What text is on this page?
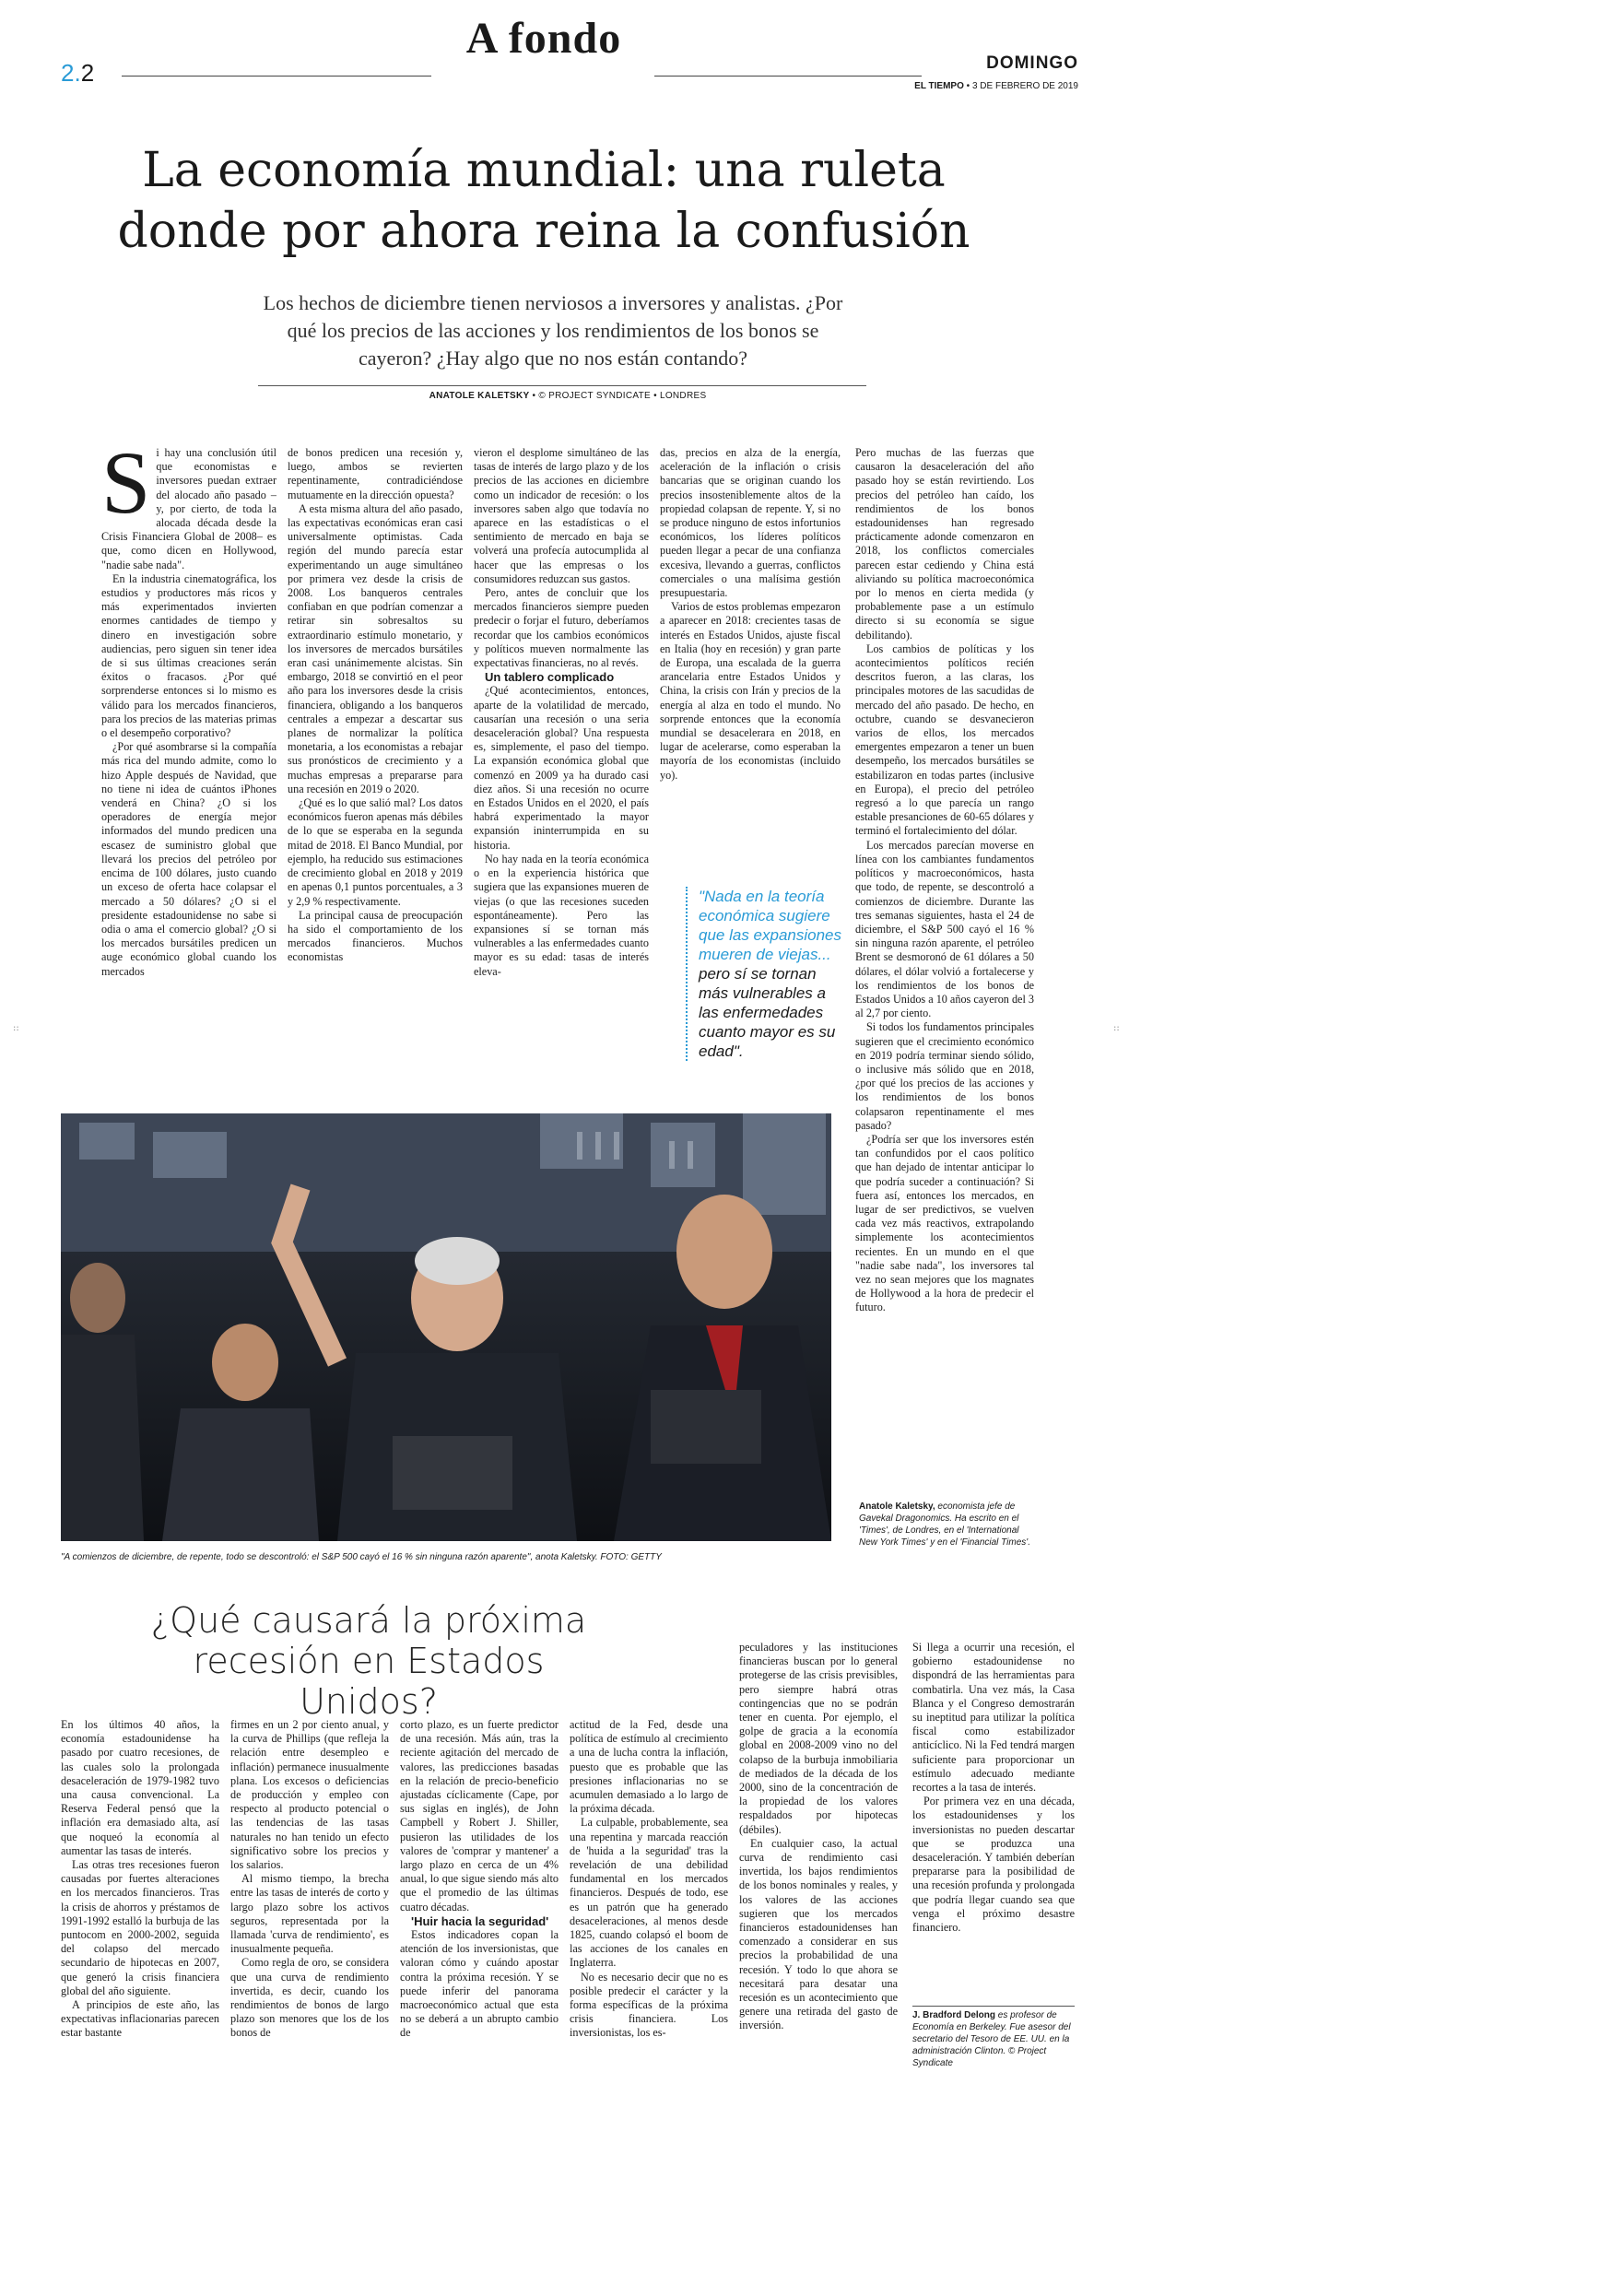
A fondo
2.2	DOMINGO
EL TIEMPO • 3 DE FEBRERO DE 2019
La economía mundial: una ruleta donde por ahora reina la confusión
Los hechos de diciembre tienen nerviosos a inversores y analistas. ¿Por qué los precios de las acciones y los rendimientos de los bonos se cayeron? ¿Hay algo que no nos están contando?
ANATOLE KALETSKY • © PROJECT SYNDICATE • LONDRES
S i hay una conclusión útil que economistas e inversores puedan extraer del alocado año pasado –y, por cierto, de toda la alocada década desde la Crisis Financiera Global de 2008– es que, como dicen en Hollywood, "nadie sabe nada".

En la industria cinematográfica, los estudios y productores más ricos y más experimentados invierten enormes cantidades de tiempo y dinero en investigación sobre audiencias, pero siguen sin tener idea de si sus últimas creaciones serán éxitos o fracasos. ¿Por qué sorprenderse entonces si lo mismo es válido para los mercados financieros, para los precios de las materias primas o el desempeño corporativo?

¿Por qué asombrarse si la compañía más rica del mundo admite, como lo hizo Apple después de Navidad, que no tiene ni idea de cuántos iPhones venderá en China? ¿O si los operadores de energía mejor informados del mundo predicen una escasez de suministro global que llevará los precios del petróleo por encima de 100 dólares, justo cuando un exceso de oferta hace colapsar el mercado a 50 dólares? ¿O si el presidente estadounidense no sabe si odia o ama el comercio global? ¿O si los mercados bursátiles predicen un auge económico global cuando los mercados

de bonos predicen una recesión y, luego, ambos se revierten repentinamente, contradiciéndose mutuamente en la dirección opuesta?

A esta misma altura del año pasado, las expectativas económicas eran casi universalmente optimistas. Cada región del mundo parecía estar experimentando un auge simultáneo por primera vez desde la crisis de 2008. Los banqueros centrales confiaban en que podrían comenzar a retirar sin sobresaltos su extraordinario estímulo monetario, y los inversores de mercados bursátiles eran casi unánimemente alcistas. Sin embargo, 2018 se convirtió en el peor año para los inversores desde la crisis financiera, obligando a los banqueros centrales a empezar a descartar sus planes de normalizar la política monetaria, a los economistas a rebajar sus pronósticos de crecimiento y a muchas empresas a prepararse para una recesión en 2019 o 2020.

¿Qué es lo que salió mal? Los datos económicos fueron apenas más débiles de lo que se esperaba en la segunda mitad de 2018. El Banco Mundial, por ejemplo, ha reducido sus estimaciones de crecimiento global en 2018 y 2019 en apenas 0,1 puntos porcentuales, a 3 y 2,9 % respectivamente.

La principal causa de preocupación ha sido el comportamiento de los mercados financieros. Muchos economistas

vieron el desplome simultáneo de las tasas de interés de largo plazo y de los precios de las acciones en diciembre como un indicador de recesión: o los inversores saben algo que todavía no aparece en las estadísticas o el sentimiento de mercado en baja se volverá una profecía autocumplida al hacer que las empresas o los consumidores reduzcan sus gastos.

Pero, antes de concluir que los mercados financieros siempre pueden predecir o forjar el futuro, deberíamos recordar que los cambios económicos y políticos mueven normalmente las expectativas financieras, no al revés.

Un tablero complicado

¿Qué acontecimientos, entonces, aparte de la volatilidad de mercado, causarían una recesión o una seria desaceleración global? Una respuesta es, simplemente, el paso del tiempo. La expansión económica global que comenzó en 2009 ya ha durado casi diez años. Si una recesión no ocurre en Estados Unidos en el 2020, el país habrá experimentado la mayor expansión ininterrumpida en su historia.

No hay nada en la teoría económica o en la experiencia histórica que sugiera que las expansiones mueren de viejas (o que las recesiones suceden espontáneamente). Pero las expansiones sí se tornan más vulnerables a las enfermedades cuanto mayor es su edad: tasas de interés eleva-

das, precios en alza de la energía, aceleración de la inflación o crisis bancarias que se originan cuando los precios insosteniblemente altos de la propiedad colapsan de repente. Y, si no se produce ninguno de estos infortunios económicos, los líderes políticos pueden llegar a pecar de una confianza excesiva, llevando a guerras, conflictos comerciales o una malísima gestión presupuestaria.

Varios de estos problemas empezaron a aparecer en 2018: crecientes tasas de interés en Estados Unidos, ajuste fiscal en Italia (hoy en recesión) y gran parte de Europa, una escalada de la guerra arancelaria entre Estados Unidos y China, la crisis con Irán y precios de la energía al alza en todo el mundo. No sorprende entonces que la economía mundial se desacelerara en 2018, en lugar de acelerarse, como esperaban la mayoría de los economistas (incluido yo).

"Nada en la teoría económica sugiere que las expansiones mueren de viejas... pero sí se tornan más vulnerables a las enfermedades cuanto mayor es su edad".

Pero muchas de las fuerzas que causaron la desaceleración del año pasado hoy se están revirtiendo. Los precios del petróleo han caído, los rendimientos de los bonos estadounidenses han regresado prácticamente adonde comenzaron en 2018, los conflictos comerciales parecen estar cediendo y China está aliviando su política macroeconómica por lo menos en cierta medida (y probablemente pase a un estímulo directo si su economía se sigue debilitando).

Los cambios de políticas y los acontecimientos políticos recién descritos fueron, a las claras, los principales motores de las sacudidas de mercado del año pasado. De hecho, en octubre, cuando se desvanecieron varios de ellos, los mercados emergentes empezaron a tener un buen desempeño, los mercados bursátiles se estabilizaron en todas partes (inclusive en Europa), el precio del petróleo regresó a lo que parecía un rango estable presanciones de 60-65 dólares y terminó el fortalecimiento del dólar.

Los mercados parecían moverse en línea con los cambiantes fundamentos políticos y macroeconómicos, hasta que todo, de repente, se descontroló a comienzos de diciembre. Durante las tres semanas siguientes, hasta el 24 de diciembre, el S&P 500 cayó el 16 % sin ninguna razón aparente, el petróleo Brent se desmoronó de 61 dólares a 50 dólares, el dólar volvió a fortalecerse y los rendimientos de los bonos de Estados Unidos a 10 años cayeron del 3 al 2,7 por ciento.

Si todos los fundamentos principales sugieren que el crecimiento económico en 2019 podría terminar siendo sólido, o inclusive más sólido que en 2018, ¿por qué los precios de las acciones y los rendimientos de los bonos colapsaron repentinamente el mes pasado?

¿Podría ser que los inversores estén tan confundidos por el caos político que han dejado de intentar anticipar lo que podría suceder a continuación? Si fuera así, entonces los mercados, en lugar de ser predictivos, se vuelven cada vez más reactivos, extrapolando simplemente los acontecimientos recientes. En un mundo en el que "nadie sabe nada", los inversores tal vez no sean mejores que los magnates de Hollywood a la hora de predecir el futuro.

"A comienzos de diciembre, de repente, todo se descontroló: el S&P 500 cayó el 16 % sin ninguna razón aparente", anota Kaletsky. FOTO: GETTY
Anatole Kaletsky, economista jefe de Gavekal Dragonomics. Ha escrito en el 'Times', de Londres, en el 'International New York Times' y en el 'Financial Times'.
¿Qué causará la próxima recesión en Estados Unidos?

En los últimos 40 años, la economía estadounidense ha pasado por cuatro recesiones, de las cuales solo la prolongada desaceleración de 1979-1982 tuvo una causa convencional. La Reserva Federal pensó que la inflación era demasiado alta, así que noqueó la economía al aumentar las tasas de interés.

Las otras tres recesiones fueron causadas por fuertes alteraciones en los mercados financieros. Tras la crisis de ahorros y préstamos de 1991-1992 estalló la burbuja de las puntocom en 2000-2002, seguida del colapso del mercado secundario de hipotecas en 2007, que generó la crisis financiera global del año siguiente.

A principios de este año, las expectativas inflacionarias parecen estar bastante

firmes en un 2 por ciento anual, y la curva de Phillips (que refleja la relación entre desempleo e inflación) permanece inusualmente plana. Los excesos o deficiencias de producción y empleo con respecto al producto potencial o las tendencias de las tasas naturales no han tenido un efecto significativo sobre los precios y los salarios.

Al mismo tiempo, la brecha entre las tasas de interés de corto y largo plazo sobre los activos seguros, representada por la llamada 'curva de rendimiento', es inusualmente pequeña.

Como regla de oro, se considera que una curva de rendimiento invertida, es decir, cuando los rendimientos de bonos de largo plazo son menores que los de los bonos de

corto plazo, es un fuerte predictor de una recesión. Más aún, tras la reciente agitación del mercado de valores, las predicciones basadas en la relación de precio-beneficio ajustadas cíclicamente (Cape, por sus siglas en inglés), de John Campbell y Robert J. Shiller, pusieron las utilidades de los valores de 'comprar y mantener' a largo plazo en cerca de un 4% anual, lo que sigue siendo más alto que el promedio de las últimas cuatro décadas.

'Huir hacia la seguridad'

Estos indicadores copan la atención de los inversionistas, que valoran cómo y cuándo apostar contra la próxima recesión. Y se puede inferir del panorama macroeconómico actual que esta no se deberá a un abrupto cambio de

actitud de la Fed, desde una política de estímulo al crecimiento a una de lucha contra la inflación, puesto que es probable que las presiones inflacionarias no se acumulen demasiado a lo largo de la próxima década.

La culpable, probablemente, sea una repentina y marcada reacción de 'huida a la seguridad' tras la revelación de una debilidad fundamental en los mercados financieros. Después de todo, ese es un patrón que ha generado desaceleraciones, al menos desde 1825, cuando colapsó el boom de las acciones de los canales en Inglaterra.

No es necesario decir que no es posible predecir el carácter y la forma específicas de la próxima crisis financiera. Los inversionistas, los es-

peculadores y las instituciones financieras buscan por lo general protegerse de las crisis previsibles, pero siempre habrá otras contingencias que no se podrán tener en cuenta. Por ejemplo, el golpe de gracia a la economía global en 2008-2009 vino no del colapso de la burbuja inmobiliaria de mediados de la década de los 2000, sino de la concentración de la propiedad de los valores respaldados por hipotecas (débiles).

En cualquier caso, la actual curva de rendimiento casi invertida, los bajos rendimientos de los bonos nominales y reales, y los valores de las acciones sugieren que los mercados financieros estadounidenses han comenzado a considerar en sus precios la probabilidad de una recesión. Y todo lo que ahora se necesitará para desatar una recesión es un acontecimiento que genere una retirada del gasto de inversión.

Si llega a ocurrir una recesión, el gobierno estadounidense no dispondrá de las herramientas para combatirla. Una vez más, la Casa Blanca y el Congreso demostrarán su ineptitud para utilizar la política fiscal como estabilizador anticíclico. Ni la Fed tendrá margen suficiente para proporcionar un estímulo adecuado mediante recortes a la tasa de interés.

Por primera vez en una década, los estadounidenses y los inversionistas no pueden descartar que se produzca una desaceleración. Y también deberían prepararse para la posibilidad de una recesión profunda y prolongada que podría llegar cuando sea que venga el próximo desastre financiero.

J. Bradford Delong es profesor de Economía en Berkeley. Fue asesor del secretario del Tesoro de EE. UU. en la administración Clinton. © Project Syndicate
::	::
